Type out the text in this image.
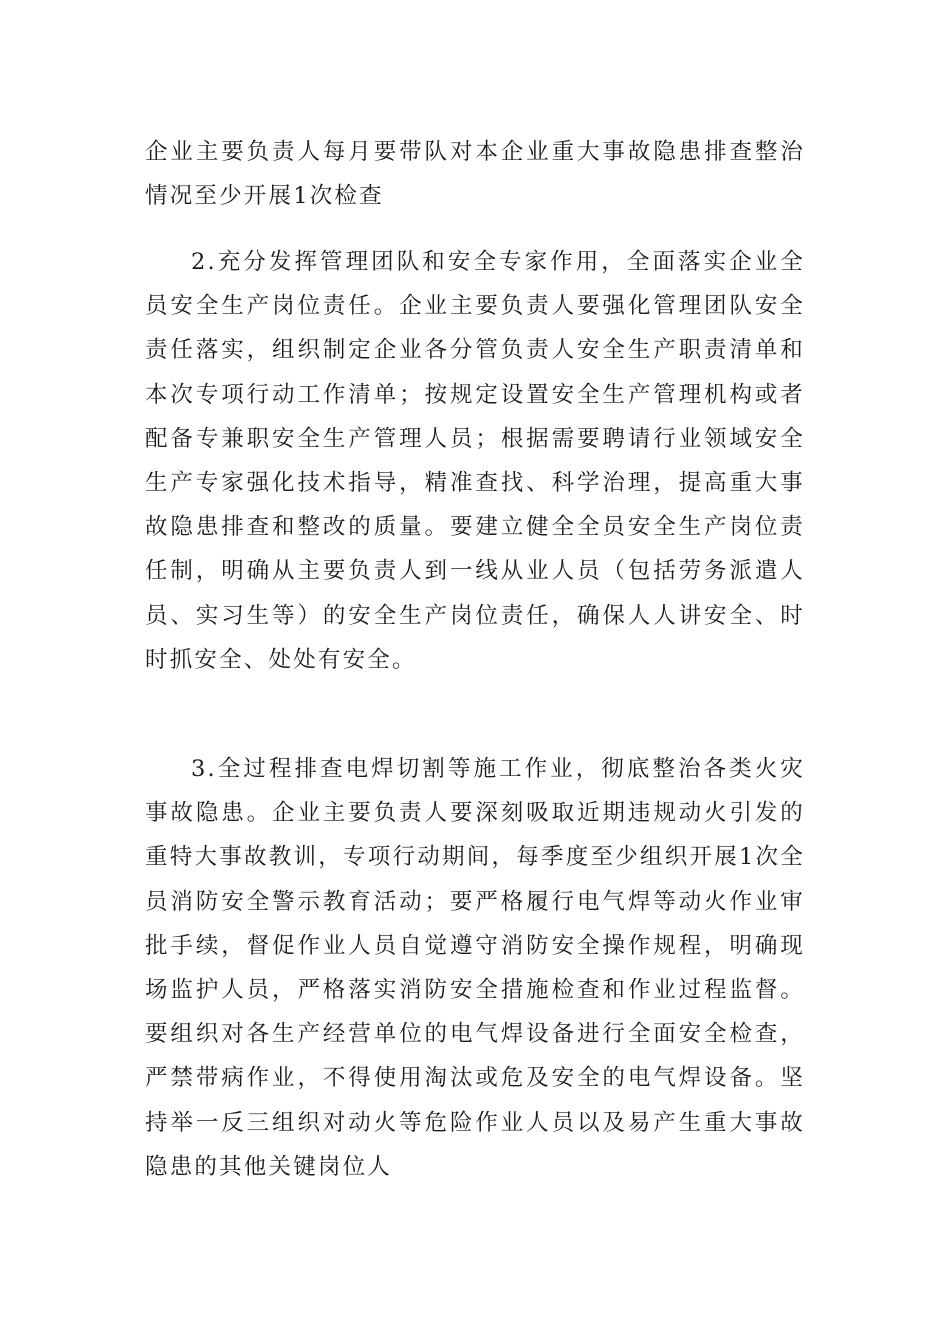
企业主要负责人每月要带队对本企业重大事故隐患排查整治情况至少开展1次检查

2.充分发挥管理团队和安全专家作用，全面落实企业全员安全生产岗位责任。企业主要负责人要强化管理团队安全责任落实，组织制定企业各分管负责人安全生产职责清单和本次专项行动工作清单；按规定设置安全生产管理机构或者配备专兼职安全生产管理人员；根据需要聘请行业领域安全生产专家强化技术指导，精准查找、科学治理，提高重大事故隐患排查和整改的质量。要建立健全全员安全生产岗位责任制，明确从主要负责人到一线从业人员（包括劳务派遣人员、实习生等）的安全生产岗位责任，确保人人讲安全、时时抓安全、处处有安全。

3.全过程排查电焊切割等施工作业，彻底整治各类火灾事故隐患。企业主要负责人要深刻吸取近期违规动火引发的重特大事故教训，专项行动期间，每季度至少组织开展1次全员消防安全警示教育活动；要严格履行电气焊等动火作业审批手续，督促作业人员自觉遵守消防安全操作规程，明确现场监护人员，严格落实消防安全措施检查和作业过程监督。要组织对各生产经营单位的电气焊设备进行全面安全检查，严禁带病作业，不得使用淘汰或危及安全的电气焊设备。坚持举一反三组织对动火等危险作业人员以及易产生重大事故隐患的其他关键岗位人
